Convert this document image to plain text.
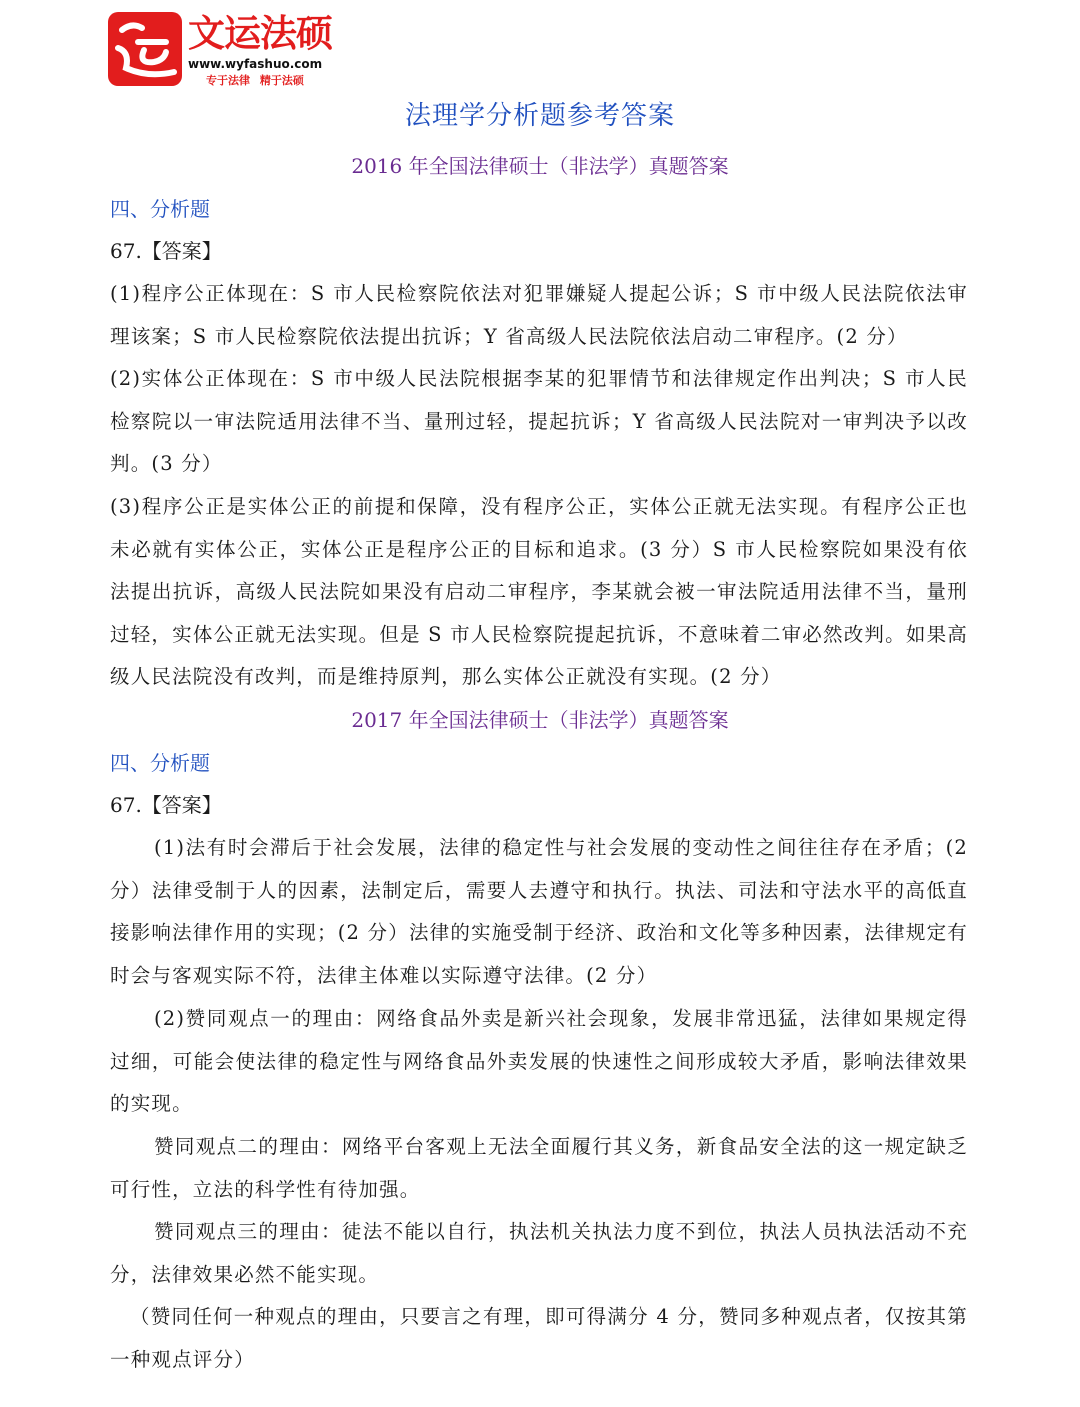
文运法硕
www.wyfashuo.com
专于法律 精于法硕
法理学分析题参考答案
2016 年全国法律硕士（非法学）真题答案
四、分析题
67.【答案】
(1)程序公正体现在：S 市人民检察院依法对犯罪嫌疑人提起公诉；S 市中级人民法院依法审理该案；S 市人民检察院依法提出抗诉；Y 省高级人民法院依法启动二审程序。(2 分）
(2)实体公正体现在：S 市中级人民法院根据李某的犯罪情节和法律规定作出判决；S 市人民检察院以一审法院适用法律不当、量刑过轻，提起抗诉；Y 省高级人民法院对一审判决予以改判。(3 分）
(3)程序公正是实体公正的前提和保障，没有程序公正，实体公正就无法实现。有程序公正也未必就有实体公正，实体公正是程序公正的目标和追求。(3 分）S 市人民检察院如果没有依法提出抗诉，高级人民法院如果没有启动二审程序，李某就会被一审法院适用法律不当，量刑过轻，实体公正就无法实现。但是 S 市人民检察院提起抗诉，不意味着二审必然改判。如果高级人民法院没有改判，而是维持原判，那么实体公正就没有实现。(2 分）
2017 年全国法律硕士（非法学）真题答案
四、分析题
67.【答案】
(1)法有时会滞后于社会发展，法律的稳定性与社会发展的变动性之间往往存在矛盾；(2 分）法律受制于人的因素，法制定后，需要人去遵守和执行。执法、司法和守法水平的高低直接影响法律作用的实现；(2 分）法律的实施受制于经济、政治和文化等多种因素，法律规定有时会与客观实际不符，法律主体难以实际遵守法律。(2 分）
(2)赞同观点一的理由：网络食品外卖是新兴社会现象，发展非常迅猛，法律如果规定得过细，可能会使法律的稳定性与网络食品外卖发展的快速性之间形成较大矛盾，影响法律效果的实现。
赞同观点二的理由：网络平台客观上无法全面履行其义务，新食品安全法的这一规定缺乏可行性，立法的科学性有待加强。
赞同观点三的理由：徒法不能以自行，执法机关执法力度不到位，执法人员执法活动不充分，法律效果必然不能实现。
（赞同任何一种观点的理由，只要言之有理，即可得满分 4 分，赞同多种观点者，仅按其第一种观点评分）
